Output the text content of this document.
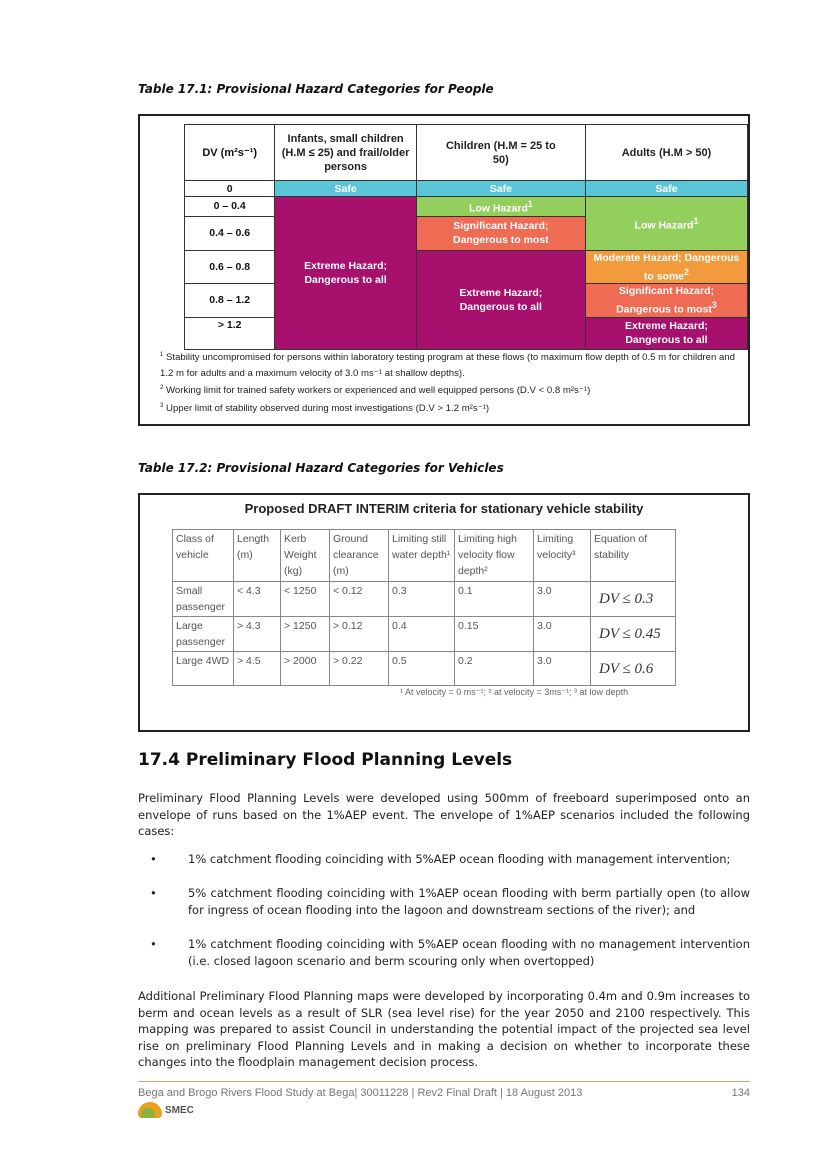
Table 17.1: Provisional Hazard Categories for People
DV (m²s⁻¹)	Infants, small children (H.M ≤ 25) and frail/older persons	Children (H.M = 25 to 50)	Adults (H.M > 50)
0	Safe	Safe	Safe
0 – 0.4	Extreme Hazard; Dangerous to all	Low Hazard$^1$	Low Hazard$^1$
0.4 – 0.6		Significant Hazard; Dangerous to most	
0.6 – 0.8		Extreme Hazard; Dangerous to all	Moderate Hazard; Dangerous to some$^2$
0.8 – 1.2			Significant Hazard; Dangerous to most$^3$
> 1.2			Extreme Hazard; Dangerous to all
$^1$ Stability uncompromised for persons within laboratory testing program at these flows (to maximum flow depth of 0.5 m for children and 1.2 m for adults and a maximum velocity of 3.0 ms⁻¹ at shallow depths).
$^2$ Working limit for trained safety workers or experienced and well equipped persons (D.V < 0.8 m²s⁻¹)
$^3$ Upper limit of stability observed during most investigations (D.V > 1.2 m²s⁻¹)
Table 17.2: Provisional Hazard Categories for Vehicles
Proposed DRAFT INTERIM criteria for stationary vehicle stability
Class of vehicle	Length (m)	Kerb Weight (kg)	Ground clearance (m)	Limiting still water depth¹	Limiting high velocity flow depth²	Limiting velocity³	Equation of stability
Small passenger	< 4.3	< 1250	< 0.12	0.3	0.1	3.0	DV ≤ 0.3
Large passenger	> 4.3	> 1250	> 0.12	0.4	0.15	3.0	DV ≤ 0.45
Large 4WD	> 4.5	> 2000	> 0.22	0.5	0.2	3.0	DV ≤ 0.6
¹ At velocity = 0 ms⁻¹; ² at velocity = 3ms⁻¹; ³ at low depth
17.4 Preliminary Flood Planning Levels
Preliminary Flood Planning Levels were developed using 500mm of freeboard superimposed onto an envelope of runs based on the 1%AEP event. The envelope of 1%AEP scenarios included the following cases:
•	1% catchment flooding coinciding with 5%AEP ocean flooding with management intervention;
•	5% catchment flooding coinciding with 1%AEP ocean flooding with berm partially open (to allow for ingress of ocean flooding into the lagoon and downstream sections of the river); and
•	1% catchment flooding coinciding with 5%AEP ocean flooding with no management intervention (i.e. closed lagoon scenario and berm scouring only when overtopped)
Additional Preliminary Flood Planning maps were developed by incorporating 0.4m and 0.9m increases to berm and ocean levels as a result of SLR (sea level rise) for the year 2050 and 2100 respectively. This mapping was prepared to assist Council in understanding the potential impact of the projected sea level rise on preliminary Flood Planning Levels and in making a decision on whether to incorporate these changes into the floodplain management decision process.
Bega and Brogo Rivers Flood Study at Bega| 30011228 | Rev2 Final Draft | 18 August 2013	134
SMEC
